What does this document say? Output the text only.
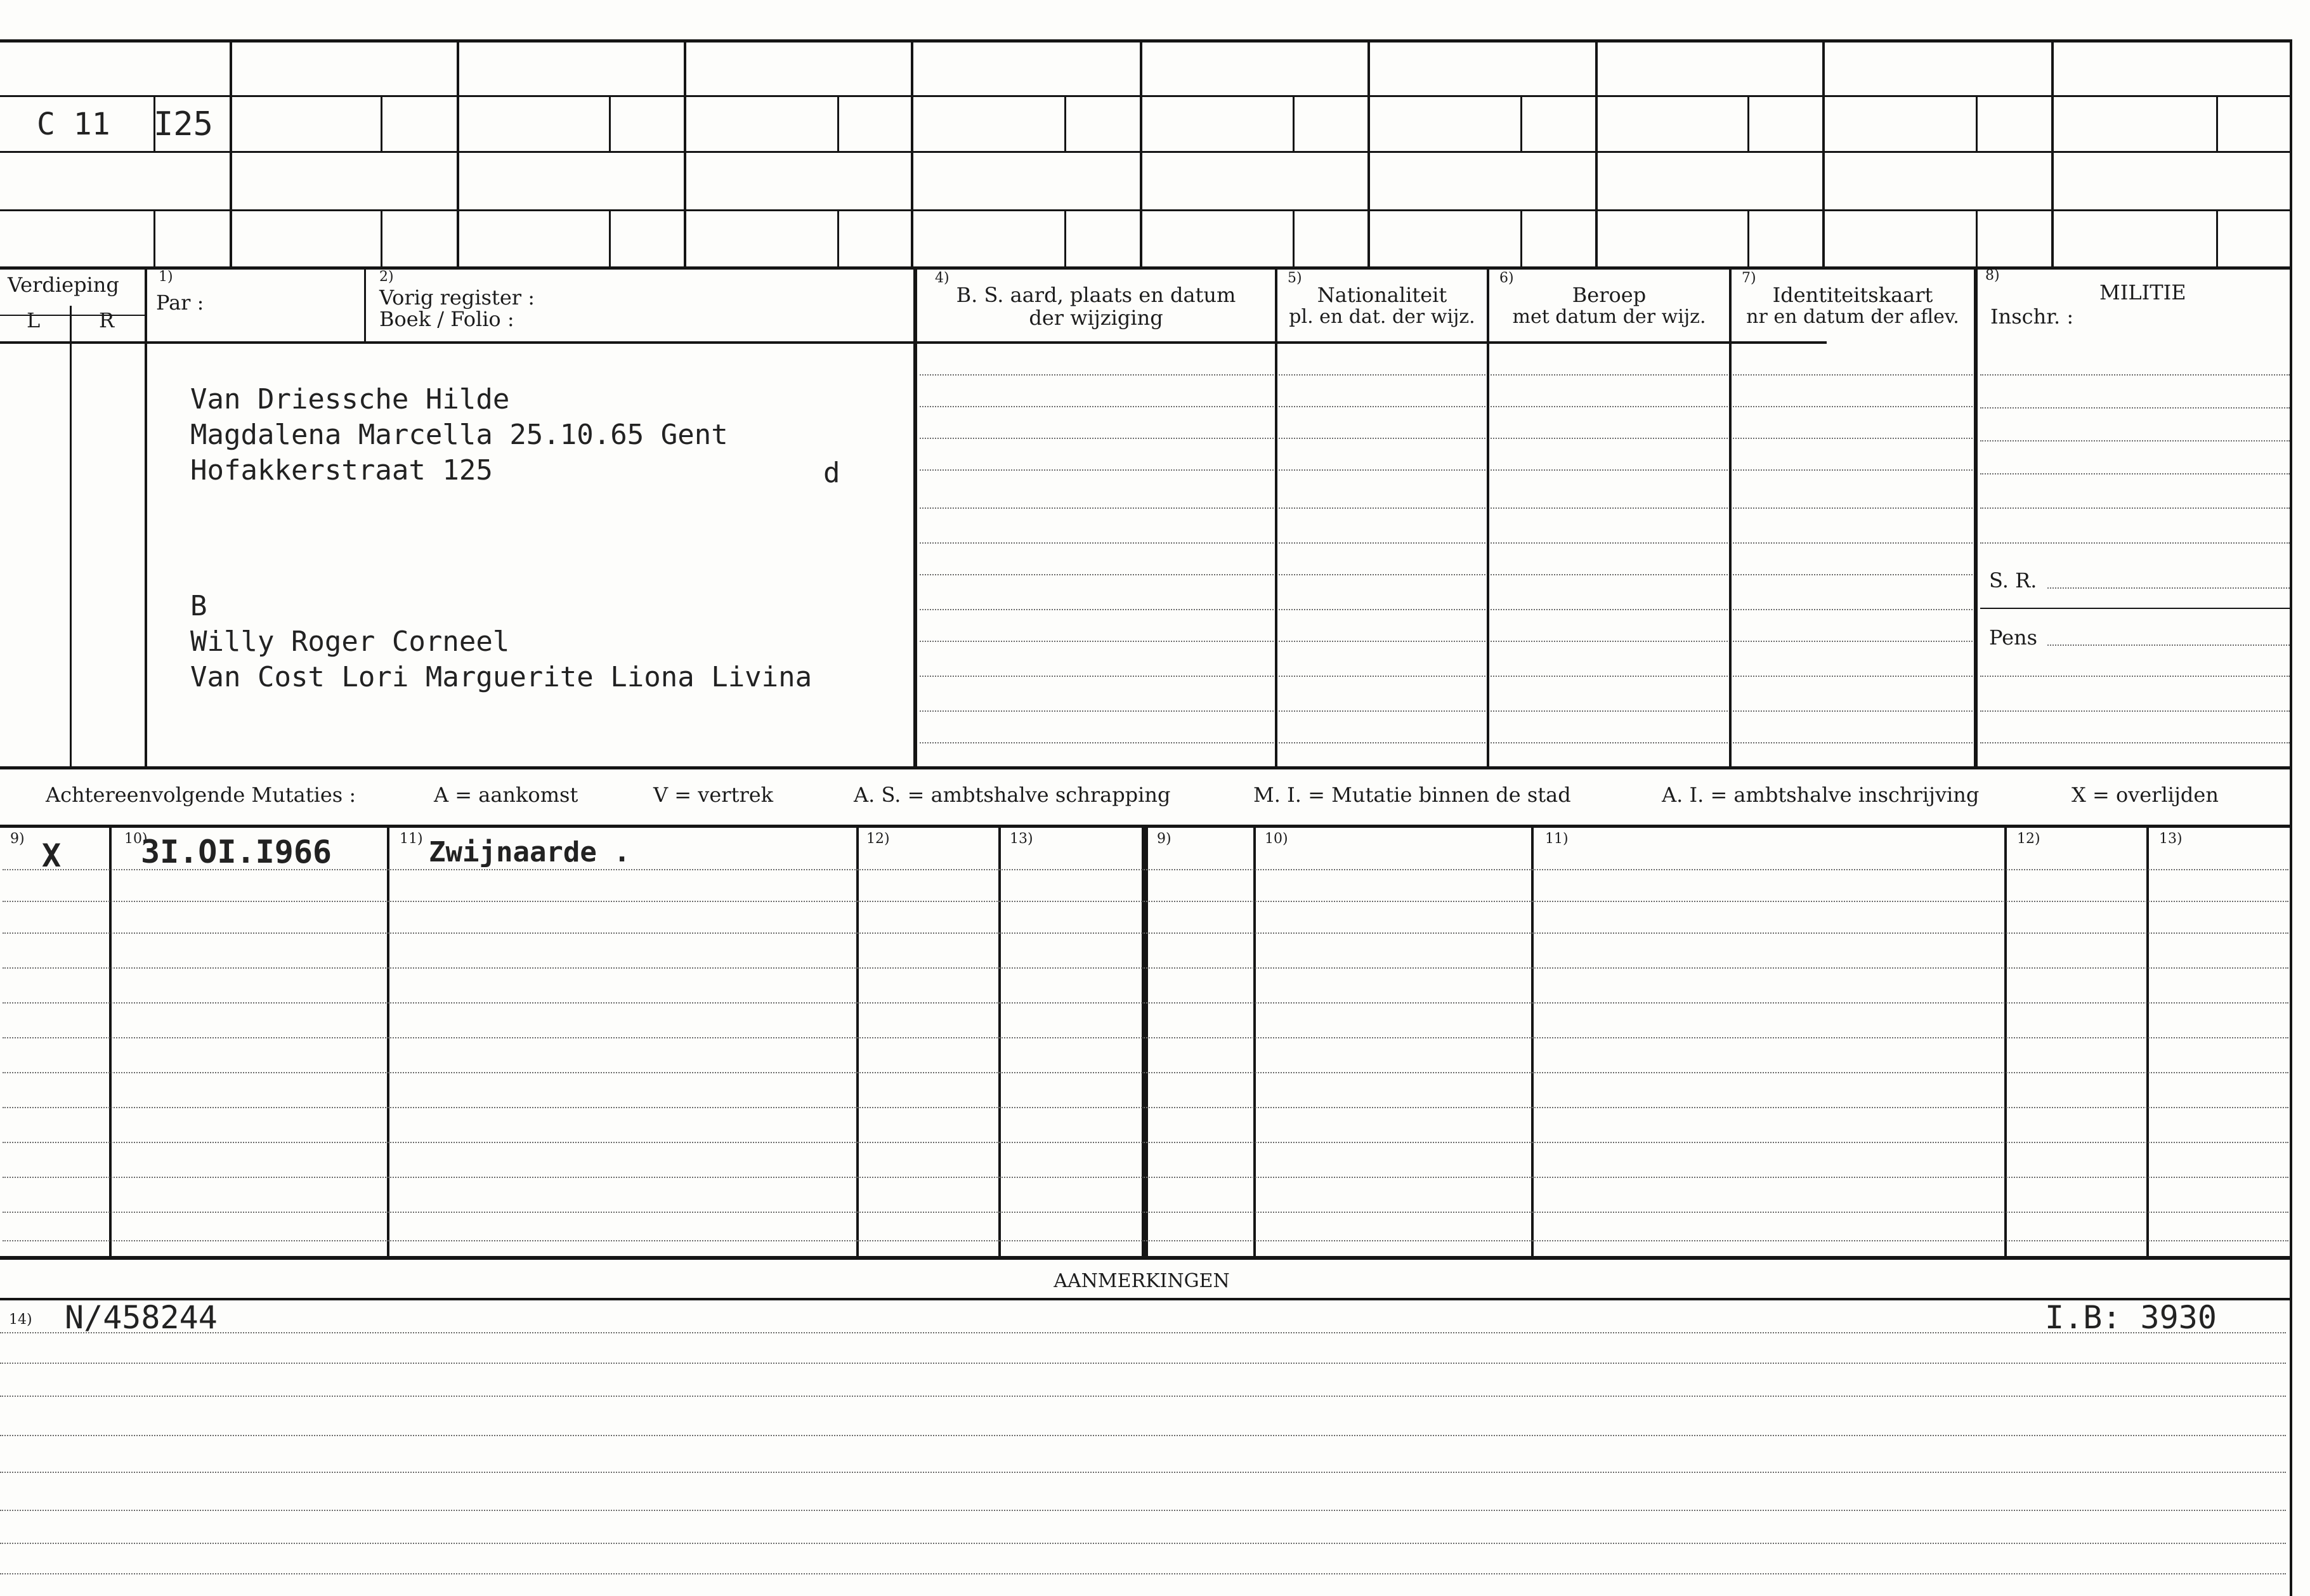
C 11 I25
Verdieping
L	R
1)
Par :
2)
Vorig register :
Boek / Folio :
4)
B. S. aard, plaats en datum
der wijziging
5)
Nationaliteit
pl. en dat. der wijz.
6)
Beroep
met datum der wijz.
7)
Identiteitskaart
nr en datum der aflev.
8)
MILITIE
Inschr. :
S. R.
Pens
Van Driessche Hilde
Magdalena Marcella 25.10.65 Gent
Hofakkerstraat 125	d
B
Willy Roger Corneel
Van Cost Lori Marguerite Liona Livina
Achtereenvolgende Mutaties :	A = aankomst	V = vertrek	A. S. = ambtshalve schrapping	M. I. = Mutatie binnen de stad	A. I. = ambtshalve inschrijving	X = overlijden
9)	10)	11)	12)	13)	9)	10)	11)	12)	13)
X	3I.OI.I966	Zwijnaarde .
AANMERKINGEN
14) N/458244	I.B: 3930
